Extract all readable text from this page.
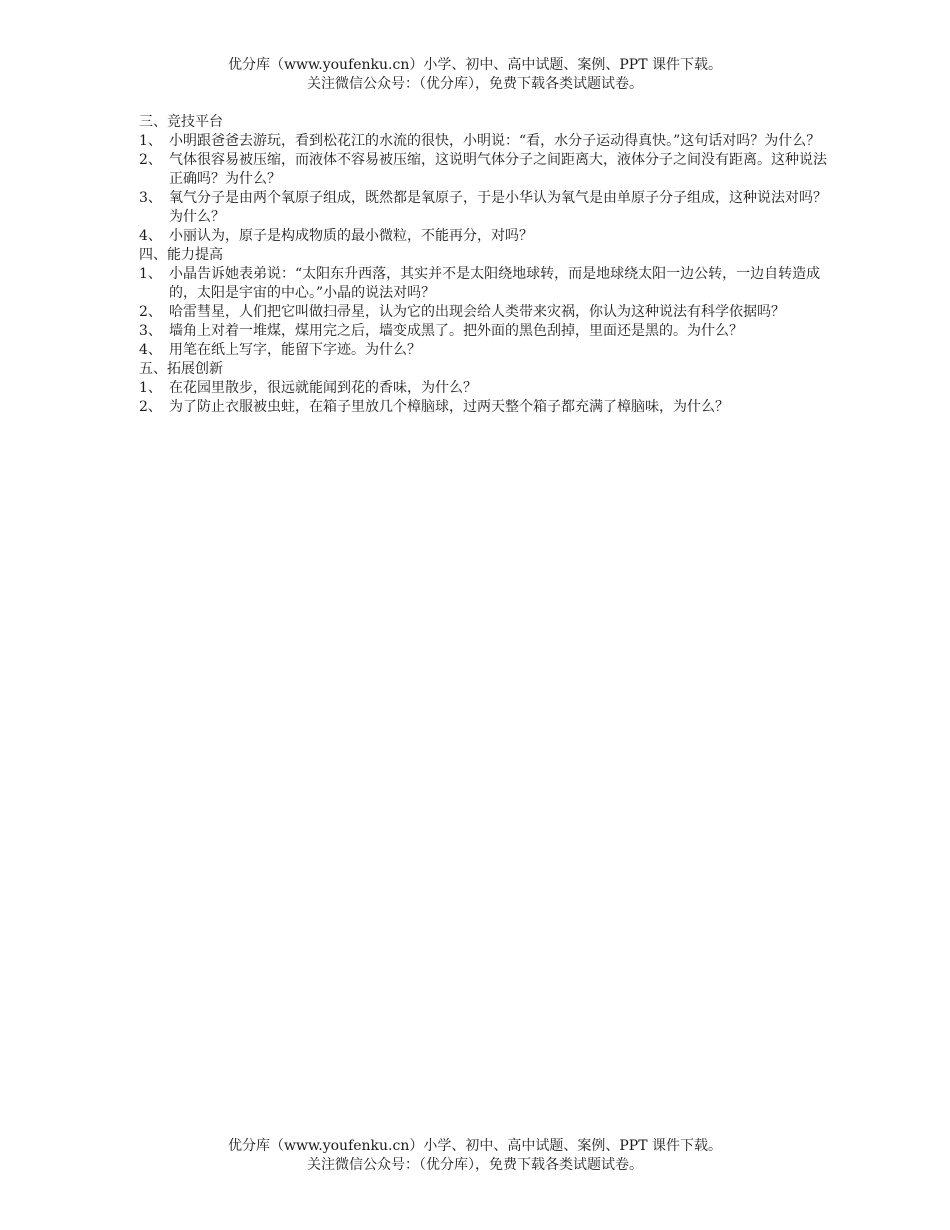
优分库（www.youfenku.cn）小学、初中、高中试题、案例、PPT 课件下载。
关注微信公众号：（优分库），免费下载各类试题试卷。
三、竞技平台
1、 小明跟爸爸去游玩，看到松花江的水流的很快，小明说：“看，水分子运动得真快。”这句话对吗？为什么？
2、 气体很容易被压缩，而液体不容易被压缩，这说明气体分子之间距离大，液体分子之间没有距离。这种说法正确吗？为什么？
3、 氧气分子是由两个氧原子组成，既然都是氧原子，于是小华认为氧气是由单原子分子组成，这种说法对吗？为什么？
4、 小丽认为，原子是构成物质的最小微粒，不能再分，对吗？
四、能力提高
1、 小晶告诉她表弟说：“太阳东升西落，其实并不是太阳绕地球转，而是地球绕太阳一边公转，一边自转造成的，太阳是宇宙的中心。”小晶的说法对吗？
2、 哈雷彗星，人们把它叫做扫帚星，认为它的出现会给人类带来灾祸，你认为这种说法有科学依据吗？
3、 墙角上对着一堆煤，煤用完之后，墙变成黑了。把外面的黑色刮掉，里面还是黑的。为什么？
4、 用笔在纸上写字，能留下字迹。为什么？
五、拓展创新
1、 在花园里散步，很远就能闻到花的香味，为什么？
2、 为了防止衣服被虫蛀，在箱子里放几个樟脑球，过两天整个箱子都充满了樟脑味，为什么？
优分库（www.youfenku.cn）小学、初中、高中试题、案例、PPT 课件下载。
关注微信公众号：（优分库），免费下载各类试题试卷。
